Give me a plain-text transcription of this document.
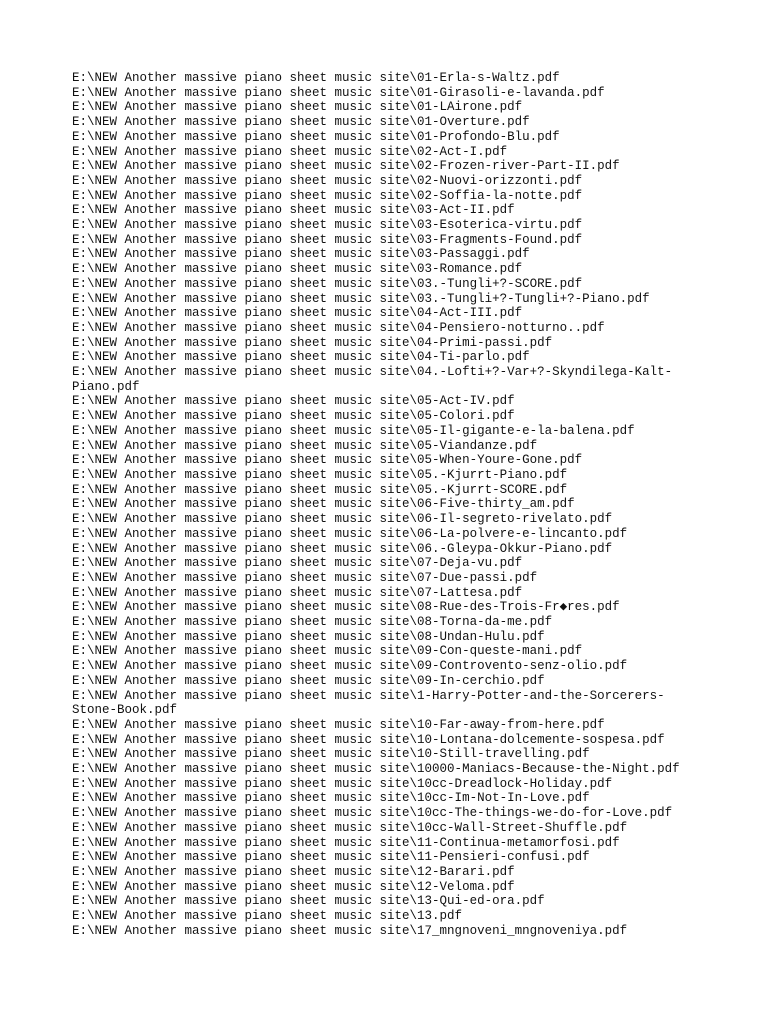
E:\NEW Another massive piano sheet music site\01-Erla-s-Waltz.pdf
E:\NEW Another massive piano sheet music site\01-Girasoli-e-lavanda.pdf
E:\NEW Another massive piano sheet music site\01-LAirone.pdf
E:\NEW Another massive piano sheet music site\01-Overture.pdf
E:\NEW Another massive piano sheet music site\01-Profondo-Blu.pdf
E:\NEW Another massive piano sheet music site\02-Act-I.pdf
E:\NEW Another massive piano sheet music site\02-Frozen-river-Part-II.pdf
E:\NEW Another massive piano sheet music site\02-Nuovi-orizzonti.pdf
E:\NEW Another massive piano sheet music site\02-Soffia-la-notte.pdf
E:\NEW Another massive piano sheet music site\03-Act-II.pdf
E:\NEW Another massive piano sheet music site\03-Esoterica-virtu.pdf
E:\NEW Another massive piano sheet music site\03-Fragments-Found.pdf
E:\NEW Another massive piano sheet music site\03-Passaggi.pdf
E:\NEW Another massive piano sheet music site\03-Romance.pdf
E:\NEW Another massive piano sheet music site\03.-Tungli+?-SCORE.pdf
E:\NEW Another massive piano sheet music site\03.-Tungli+?-Tungli+?-Piano.pdf
E:\NEW Another massive piano sheet music site\04-Act-III.pdf
E:\NEW Another massive piano sheet music site\04-Pensiero-notturno..pdf
E:\NEW Another massive piano sheet music site\04-Primi-passi.pdf
E:\NEW Another massive piano sheet music site\04-Ti-parlo.pdf
E:\NEW Another massive piano sheet music site\04.-Lofti+?-Var+?-Skyndilega-Kalt-Piano.pdf
E:\NEW Another massive piano sheet music site\05-Act-IV.pdf
E:\NEW Another massive piano sheet music site\05-Colori.pdf
E:\NEW Another massive piano sheet music site\05-Il-gigante-e-la-balena.pdf
E:\NEW Another massive piano sheet music site\05-Viandanze.pdf
E:\NEW Another massive piano sheet music site\05-When-Youre-Gone.pdf
E:\NEW Another massive piano sheet music site\05.-Kjurrt-Piano.pdf
E:\NEW Another massive piano sheet music site\05.-Kjurrt-SCORE.pdf
E:\NEW Another massive piano sheet music site\06-Five-thirty_am.pdf
E:\NEW Another massive piano sheet music site\06-Il-segreto-rivelato.pdf
E:\NEW Another massive piano sheet music site\06-La-polvere-e-lincanto.pdf
E:\NEW Another massive piano sheet music site\06.-Gleypa-Okkur-Piano.pdf
E:\NEW Another massive piano sheet music site\07-Deja-vu.pdf
E:\NEW Another massive piano sheet music site\07-Due-passi.pdf
E:\NEW Another massive piano sheet music site\07-Lattesa.pdf
E:\NEW Another massive piano sheet music site\08-Rue-des-Trois-Fr◆res.pdf
E:\NEW Another massive piano sheet music site\08-Torna-da-me.pdf
E:\NEW Another massive piano sheet music site\08-Undan-Hulu.pdf
E:\NEW Another massive piano sheet music site\09-Con-queste-mani.pdf
E:\NEW Another massive piano sheet music site\09-Controvento-senz-olio.pdf
E:\NEW Another massive piano sheet music site\09-In-cerchio.pdf
E:\NEW Another massive piano sheet music site\1-Harry-Potter-and-the-Sorcerers-Stone-Book.pdf
E:\NEW Another massive piano sheet music site\10-Far-away-from-here.pdf
E:\NEW Another massive piano sheet music site\10-Lontana-dolcemente-sospesa.pdf
E:\NEW Another massive piano sheet music site\10-Still-travelling.pdf
E:\NEW Another massive piano sheet music site\10000-Maniacs-Because-the-Night.pdf
E:\NEW Another massive piano sheet music site\10cc-Dreadlock-Holiday.pdf
E:\NEW Another massive piano sheet music site\10cc-Im-Not-In-Love.pdf
E:\NEW Another massive piano sheet music site\10cc-The-things-we-do-for-Love.pdf
E:\NEW Another massive piano sheet music site\10cc-Wall-Street-Shuffle.pdf
E:\NEW Another massive piano sheet music site\11-Continua-metamorfosi.pdf
E:\NEW Another massive piano sheet music site\11-Pensieri-confusi.pdf
E:\NEW Another massive piano sheet music site\12-Barari.pdf
E:\NEW Another massive piano sheet music site\12-Veloma.pdf
E:\NEW Another massive piano sheet music site\13-Qui-ed-ora.pdf
E:\NEW Another massive piano sheet music site\13.pdf
E:\NEW Another massive piano sheet music site\17_mngnoveni_mngnoveniya.pdf
